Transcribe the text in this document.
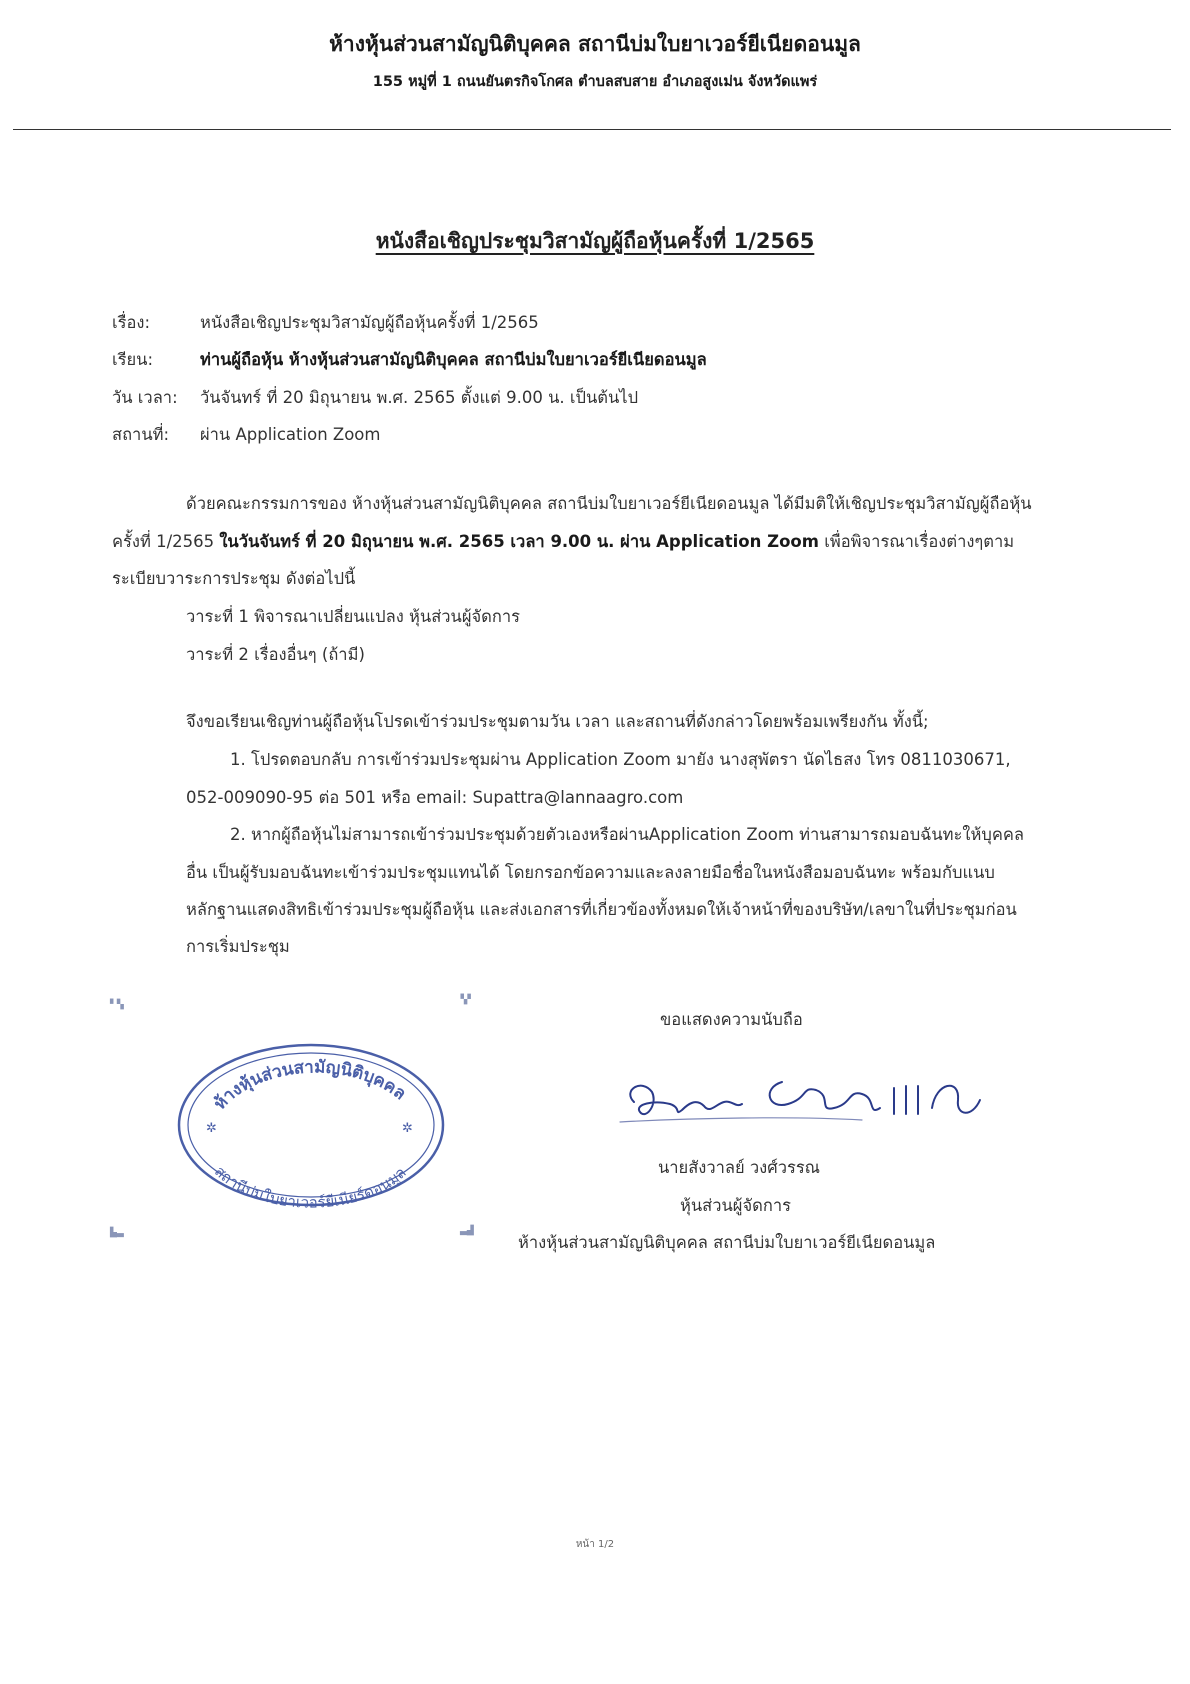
ห้างหุ้นส่วนสามัญนิติบุคคล สถานีบ่มใบยาเวอร์ยีเนียดอนมูล
155 หมู่ที่ 1 ถนนยันตรกิจโกศล ตำบลสบสาย อำเภอสูงเม่น จังหวัดแพร่
หนังสือเชิญประชุมวิสามัญผู้ถือหุ้นครั้งที่ 1/2565
เรื่อง:	หนังสือเชิญประชุมวิสามัญผู้ถือหุ้นครั้งที่ 1/2565
เรียน:	ท่านผู้ถือหุ้น ห้างหุ้นส่วนสามัญนิติบุคคล สถานีบ่มใบยาเวอร์ยีเนียดอนมูล
วัน เวลา: วันจันทร์ ที่ 20 มิถุนายน พ.ศ. 2565 ตั้งแต่ 9.00 น. เป็นต้นไป
สถานที่: ผ่าน Application Zoom
ด้วยคณะกรรมการของ ห้างหุ้นส่วนสามัญนิติบุคคล สถานีบ่มใบยาเวอร์ยีเนียดอนมูล ได้มีมติให้เชิญประชุมวิสามัญผู้ถือหุ้น
ครั้งที่ 1/2565 ในวันจันทร์ ที่ 20 มิถุนายน พ.ศ. 2565 เวลา 9.00 น. ผ่าน Application Zoom เพื่อพิจารณาเรื่องต่างๆตาม
ระเบียบวาระการประชุม ดังต่อไปนี้
วาระที่ 1 พิจารณาเปลี่ยนแปลง หุ้นส่วนผู้จัดการ
วาระที่ 2 เรื่องอื่นๆ (ถ้ามี)
จึงขอเรียนเชิญท่านผู้ถือหุ้นโปรดเข้าร่วมประชุมตามวัน เวลา และสถานที่ดังกล่าวโดยพร้อมเพรียงกัน ทั้งนี้;
1. โปรดตอบกลับ การเข้าร่วมประชุมผ่าน Application Zoom มายัง นางสุพัตรา นัดไธสง โทร 0811030671,
052-009090-95 ต่อ 501 หรือ email: Supattra@lannaagro.com
2. หากผู้ถือหุ้นไม่สามารถเข้าร่วมประชุมด้วยตัวเองหรือผ่านApplication Zoom ท่านสามารถมอบฉันทะให้บุคคล
อื่น เป็นผู้รับมอบฉันทะเข้าร่วมประชุมแทนได้ โดยกรอกข้อความและลงลายมือชื่อในหนังสือมอบฉันทะ พร้อมกับแนบ
หลักฐานแสดงสิทธิเข้าร่วมประชุมผู้ถือหุ้น และส่งเอกสารที่เกี่ยวข้องทั้งหมดให้เจ้าหน้าที่ของบริษัท/เลขาในที่ประชุมก่อน
การเริ่มประชุม
▘▚	▝▞
▙▃	▃▟
✲	✲
ห้างหุ้นส่วนสามัญนิติบุคคล
สถานีบ่มใบยาเวอร์ยีเนียร์ดอนมูล
ขอแสดงความนับถือ
นายสังวาลย์ วงศ์วรรณ
หุ้นส่วนผู้จัดการ
ห้างหุ้นส่วนสามัญนิติบุคคล สถานีบ่มใบยาเวอร์ยีเนียดอนมูล
หน้า 1/2
